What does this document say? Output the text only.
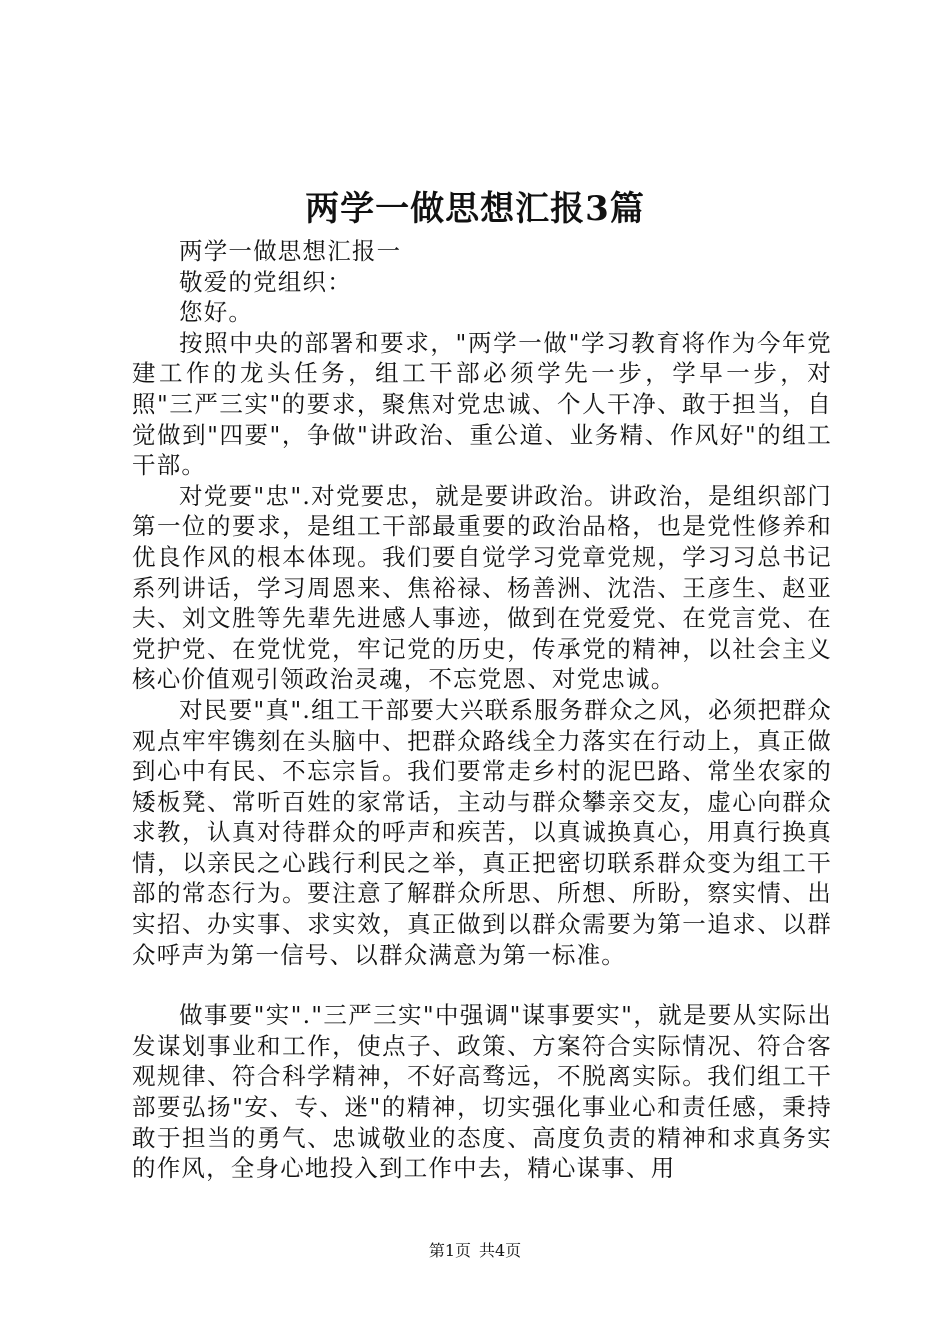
两学一做思想汇报3篇

两学一做思想汇报一

敬爱的党组织：

您好。

按照中央的部署和要求，"两学一做"学习教育将作为今年党建工作的龙头任务，组工干部必须学先一步，学早一步，对照"三严三实"的要求，聚焦对党忠诚、个人干净、敢于担当，自觉做到"四要"，争做"讲政治、重公道、业务精、作风好"的组工干部。

对党要"忠".对党要忠，就是要讲政治。讲政治，是组织部门第一位的要求，是组工干部最重要的政治品格，也是党性修养和优良作风的根本体现。我们要自觉学习党章党规，学习习总书记系列讲话，学习周恩来、焦裕禄、杨善洲、沈浩、王彦生、赵亚夫、刘文胜等先辈先进感人事迹，做到在党爱党、在党言党、在党护党、在党忧党，牢记党的历史，传承党的精神，以社会主义核心价值观引领政治灵魂，不忘党恩、对党忠诚。

对民要"真".组工干部要大兴联系服务群众之风，必须把群众观点牢牢镌刻在头脑中、把群众路线全力落实在行动上，真正做到心中有民、不忘宗旨。我们要常走乡村的泥巴路、常坐农家的矮板凳、常听百姓的家常话，主动与群众攀亲交友，虚心向群众求教，认真对待群众的呼声和疾苦，以真诚换真心，用真行换真情，以亲民之心践行利民之举，真正把密切联系群众变为组工干部的常态行为。要注意了解群众所思、所想、所盼，察实情、出实招、办实事、求实效，真正做到以群众需要为第一追求、以群众呼声为第一信号、以群众满意为第一标准。

做事要"实"."三严三实"中强调"谋事要实"，就是要从实际出发谋划事业和工作，使点子、政策、方案符合实际情况、符合客观规律、符合科学精神，不好高骛远，不脱离实际。我们组工干部要弘扬"安、专、迷"的精神，切实强化事业心和责任感，秉持敢于担当的勇气、忠诚敬业的态度、高度负责的精神和求真务实的作风，全身心地投入到工作中去，精心谋事、用

第1页 共4页
